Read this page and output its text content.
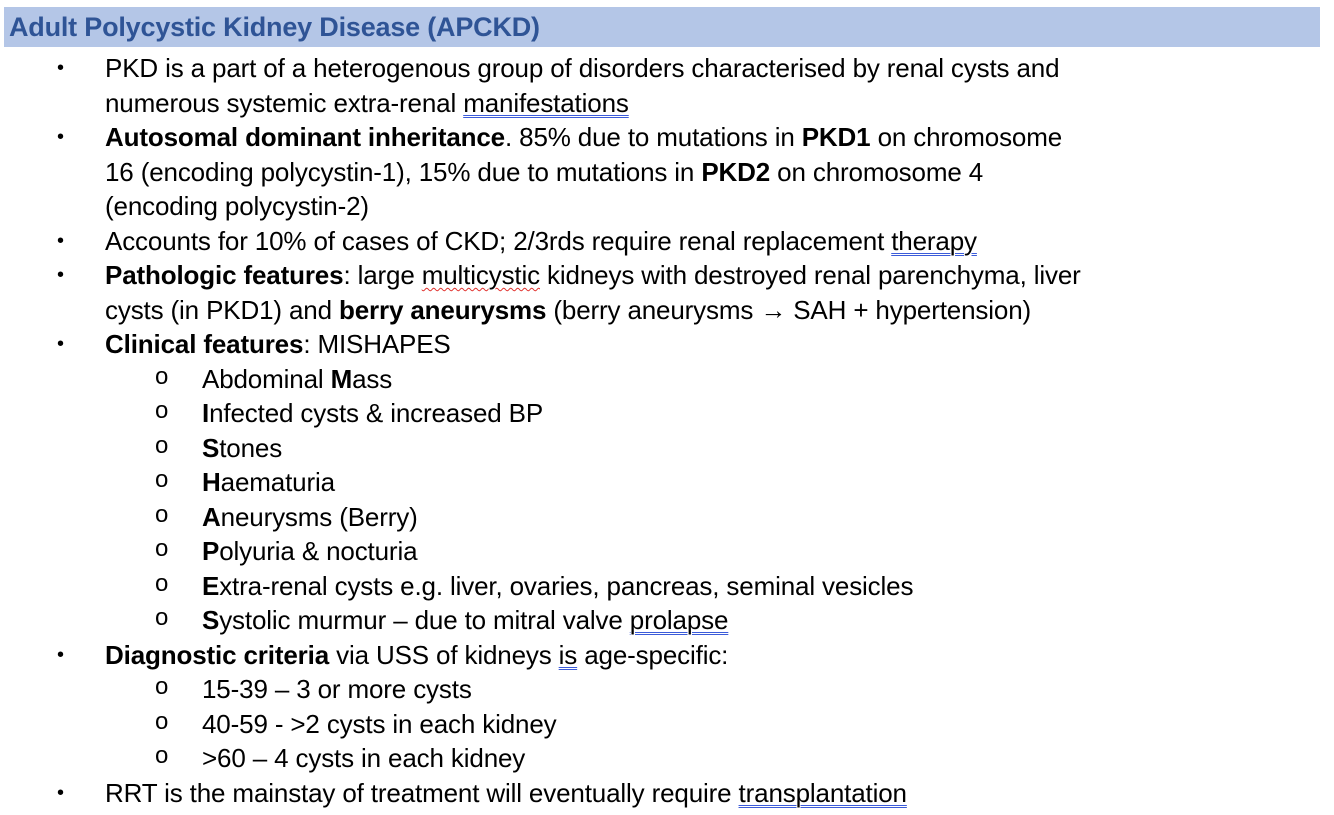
Adult Polycystic Kidney Disease (APCKD)
• PKD is a part of a heterogenous group of disorders characterised by renal cysts and
numerous systemic extra-renal manifestations
• Autosomal dominant inheritance. 85% due to mutations in PKD1 on chromosome
16 (encoding polycystin-1), 15% due to mutations in PKD2 on chromosome 4
(encoding polycystin-2)
• Accounts for 10% of cases of CKD; 2/3rds require renal replacement therapy
• Pathologic features: large multicystic kidneys with destroyed renal parenchyma, liver
cysts (in PKD1) and berry aneurysms (berry aneurysms → SAH + hypertension)
• Clinical features: MISHAPES
o Abdominal Mass
o Infected cysts & increased BP
o Stones
o Haematuria
o Aneurysms (Berry)
o Polyuria & nocturia
o Extra-renal cysts e.g. liver, ovaries, pancreas, seminal vesicles
o Systolic murmur – due to mitral valve prolapse
• Diagnostic criteria via USS of kidneys is age-specific:
o 15-39 – 3 or more cysts
o 40-59 - >2 cysts in each kidney
o >60 – 4 cysts in each kidney
• RRT is the mainstay of treatment will eventually require transplantation
